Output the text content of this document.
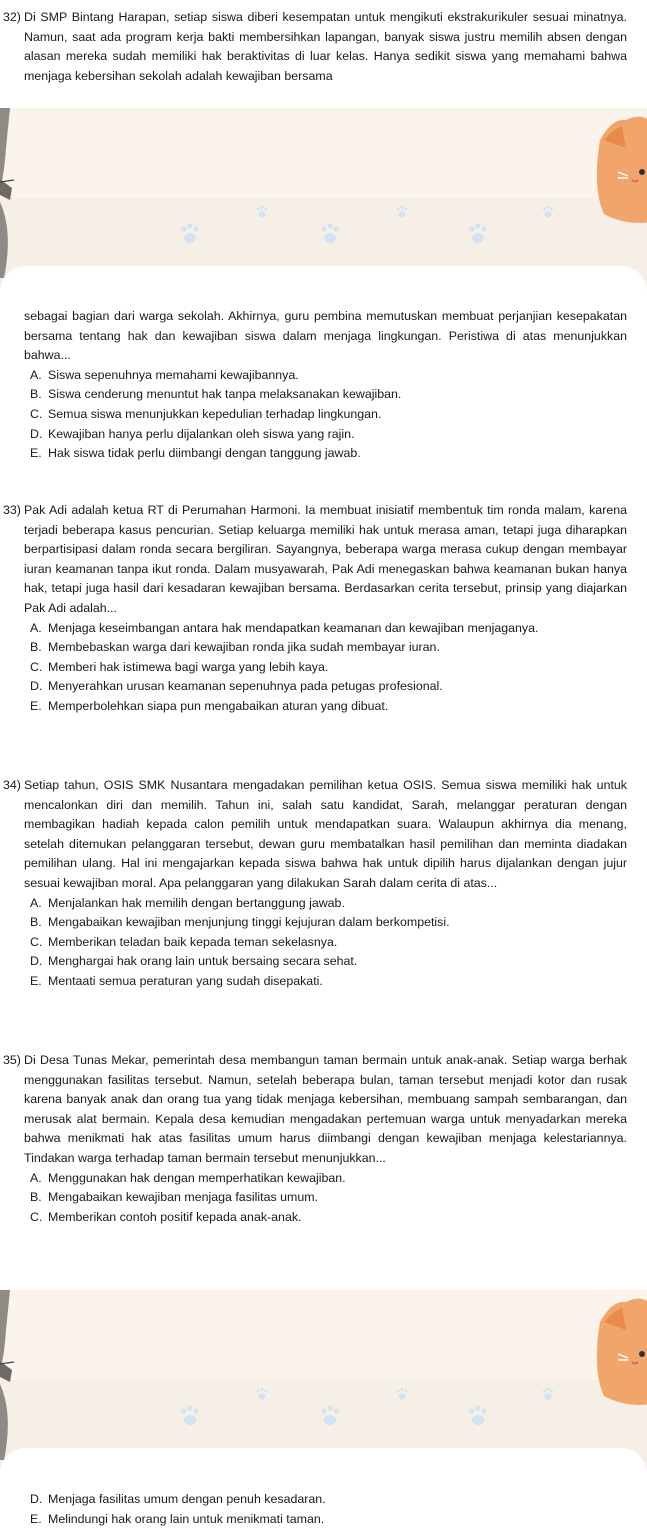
32) Di SMP Bintang Harapan, setiap siswa diberi kesempatan untuk mengikuti ekstrakurikuler sesuai minatnya. Namun, saat ada program kerja bakti membersihkan lapangan, banyak siswa justru memilih absen dengan alasan mereka sudah memiliki hak beraktivitas di luar kelas. Hanya sedikit siswa yang memahami bahwa menjaga kebersihan sekolah adalah kewajiban bersama

sebagai bagian dari warga sekolah. Akhirnya, guru pembina memutuskan membuat perjanjian kesepakatan bersama tentang hak dan kewajiban siswa dalam menjaga lingkungan. Peristiwa di atas menunjukkan bahwa...

A. Siswa sepenuhnya memahami kewajibannya.
B. Siswa cenderung menuntut hak tanpa melaksanakan kewajiban.
C. Semua siswa menunjukkan kepedulian terhadap lingkungan.
D. Kewajiban hanya perlu dijalankan oleh siswa yang rajin.
E. Hak siswa tidak perlu diimbangi dengan tanggung jawab.

33) Pak Adi adalah ketua RT di Perumahan Harmoni. Ia membuat inisiatif membentuk tim ronda malam, karena terjadi beberapa kasus pencurian. Setiap keluarga memiliki hak untuk merasa aman, tetapi juga diharapkan berpartisipasi dalam ronda secara bergiliran. Sayangnya, beberapa warga merasa cukup dengan membayar iuran keamanan tanpa ikut ronda. Dalam musyawarah, Pak Adi menegaskan bahwa keamanan bukan hanya hak, tetapi juga hasil dari kesadaran kewajiban bersama. Berdasarkan cerita tersebut, prinsip yang diajarkan Pak Adi adalah...

A. Menjaga keseimbangan antara hak mendapatkan keamanan dan kewajiban menjaganya.
B. Membebaskan warga dari kewajiban ronda jika sudah membayar iuran.
C. Memberi hak istimewa bagi warga yang lebih kaya.
D. Menyerahkan urusan keamanan sepenuhnya pada petugas profesional.
E. Memperbolehkan siapa pun mengabaikan aturan yang dibuat.

34) Setiap tahun, OSIS SMK Nusantara mengadakan pemilihan ketua OSIS. Semua siswa memiliki hak untuk mencalonkan diri dan memilih. Tahun ini, salah satu kandidat, Sarah, melanggar peraturan dengan membagikan hadiah kepada calon pemilih untuk mendapatkan suara. Walaupun akhirnya dia menang, setelah ditemukan pelanggaran tersebut, dewan guru membatalkan hasil pemilihan dan meminta diadakan pemilihan ulang. Hal ini mengajarkan kepada siswa bahwa hak untuk dipilih harus dijalankan dengan jujur sesuai kewajiban moral. Apa pelanggaran yang dilakukan Sarah dalam cerita di atas...

A. Menjalankan hak memilih dengan bertanggung jawab.
B. Mengabaikan kewajiban menjunjung tinggi kejujuran dalam berkompetisi.
C. Memberikan teladan baik kepada teman sekelasnya.
D. Menghargai hak orang lain untuk bersaing secara sehat.
E. Mentaati semua peraturan yang sudah disepakati.

35) Di Desa Tunas Mekar, pemerintah desa membangun taman bermain untuk anak-anak. Setiap warga berhak menggunakan fasilitas tersebut. Namun, setelah beberapa bulan, taman tersebut menjadi kotor dan rusak karena banyak anak dan orang tua yang tidak menjaga kebersihan, membuang sampah sembarangan, dan merusak alat bermain. Kepala desa kemudian mengadakan pertemuan warga untuk menyadarkan mereka bahwa menikmati hak atas fasilitas umum harus diimbangi dengan kewajiban menjaga kelestariannya. Tindakan warga terhadap taman bermain tersebut menunjukkan...

A. Menggunakan hak dengan memperhatikan kewajiban.
B. Mengabaikan kewajiban menjaga fasilitas umum.
C. Memberikan contoh positif kepada anak-anak.
D. Menjaga fasilitas umum dengan penuh kesadaran.
E. Melindungi hak orang lain untuk menikmati taman.
